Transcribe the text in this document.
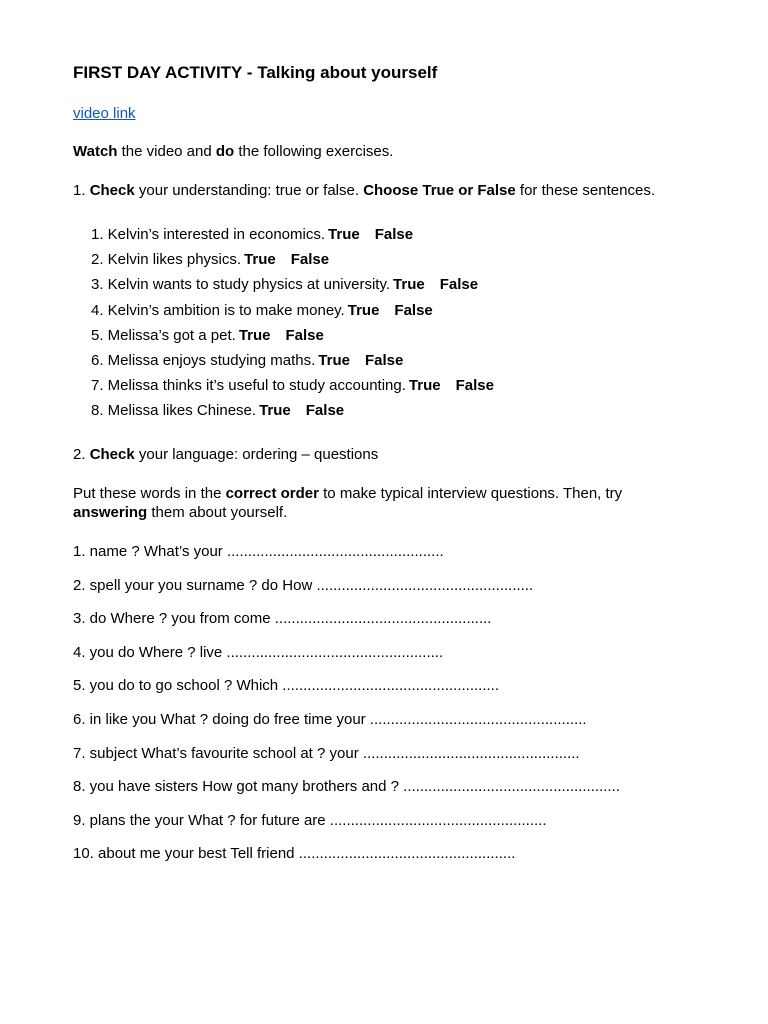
FIRST DAY ACTIVITY - Talking about yourself
video link
Watch the video and do the following exercises.
1. Check your understanding: true or false. Choose True or False for these sentences.
1. Kelvin’s interested in economics. True False
2. Kelvin likes physics. True False
3. Kelvin wants to study physics at university. True False
4. Kelvin’s ambition is to make money. True False
5. Melissa’s got a pet. True False
6. Melissa enjoys studying maths. True False
7. Melissa thinks it’s useful to study accounting. True False
8. Melissa likes Chinese. True False
2. Check your language: ordering – questions
Put these words in the correct order to make typical interview questions. Then, try
answering them about yourself.
1. name ? What’s your ....................................................
2. spell your you surname ? do How ....................................................
3. do Where ? you from come ....................................................
4. you do Where ? live ....................................................
5. you do to go school ? Which ....................................................
6. in like you What ? doing do free time your ....................................................
7. subject What’s favourite school at ? your ....................................................
8. you have sisters How got many brothers and ? ....................................................
9. plans the your What ? for future are ....................................................
10. about me your best Tell friend ....................................................
